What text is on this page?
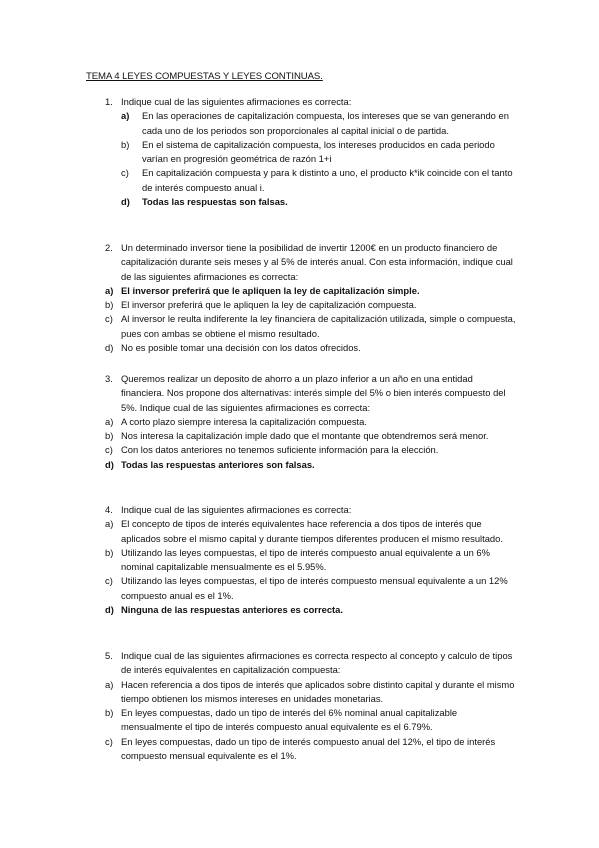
TEMA 4 LEYES COMPUESTAS Y LEYES CONTINUAS.
1. Indique cual de las siguientes afirmaciones es correcta:
a) En las operaciones de capitalización compuesta, los intereses que se van generando en cada uno de los periodos son proporcionales al capital inicial o de partida.
b) En el sistema de capitalización compuesta, los intereses producidos en cada periodo varían en progresión geométrica de razón 1+i
c) En capitalización compuesta y para k distinto a uno, el producto k*ik coincide con el tanto de interés compuesto anual i.
d) Todas las respuestas son falsas.
2. Un determinado inversor tiene la posibilidad de invertir 1200€ en un producto financiero de capitalización durante seis meses y al 5% de interés anual. Con esta información, indique cual de las siguientes afirmaciones es correcta:
a) El inversor preferirá que le apliquen la ley de capitalización simple.
b) El inversor preferirá que le apliquen la ley de capitalización compuesta.
c) Al inversor le reulta indiferente la ley financiera de capitalización utilizada, simple o compuesta, pues con ambas se obtiene el mismo resultado.
d) No es posible tomar una decisión con los datos ofrecidos.
3. Queremos realizar un deposito de ahorro a un plazo inferior a un año en una entidad financiera. Nos propone dos alternativas: interés simple del 5% o bien interés compuesto del 5%. Indique cual de las siguientes afirmaciones es correcta:
a) A corto plazo siempre interesa la capitalización compuesta.
b) Nos interesa la capitalización imple dado que el montante que obtendremos será menor.
c) Con los datos anteriores no tenemos suficiente información para la elección.
d) Todas las respuestas anteriores son falsas.
4. Indique cual de las siguientes afirmaciones es correcta:
a) El concepto de tipos de interés equivalentes hace referencia a dos tipos de interés que aplicados sobre el mismo capital y durante tiempos diferentes producen el mismo resultado.
b) Utilizando las leyes compuestas, el tipo de interés compuesto anual equivalente a un 6% nominal capitalizable mensualmente es el 5.95%.
c) Utilizando las leyes compuestas, el tipo de interés compuesto mensual equivalente a un 12% compuesto anual es el 1%.
d) Ninguna de las respuestas anteriores es correcta.
5. Indique cual de las siguientes afirmaciones es correcta respecto al concepto y calculo de tipos de interés equivalentes en capitalización compuesta:
a) Hacen referencia a dos tipos de interés que aplicados sobre distinto capital y durante el mismo tiempo obtienen los mismos intereses en unidades monetarias.
b) En leyes compuestas, dado un tipo de interés del 6% nominal anual capitalizable mensualmente el tipo de interés compuesto anual equivalente es el 6.79%.
c) En leyes compuestas, dado un tipo de interés compuesto anual del 12%, el tipo de interés compuesto mensual equivalente es el 1%.
